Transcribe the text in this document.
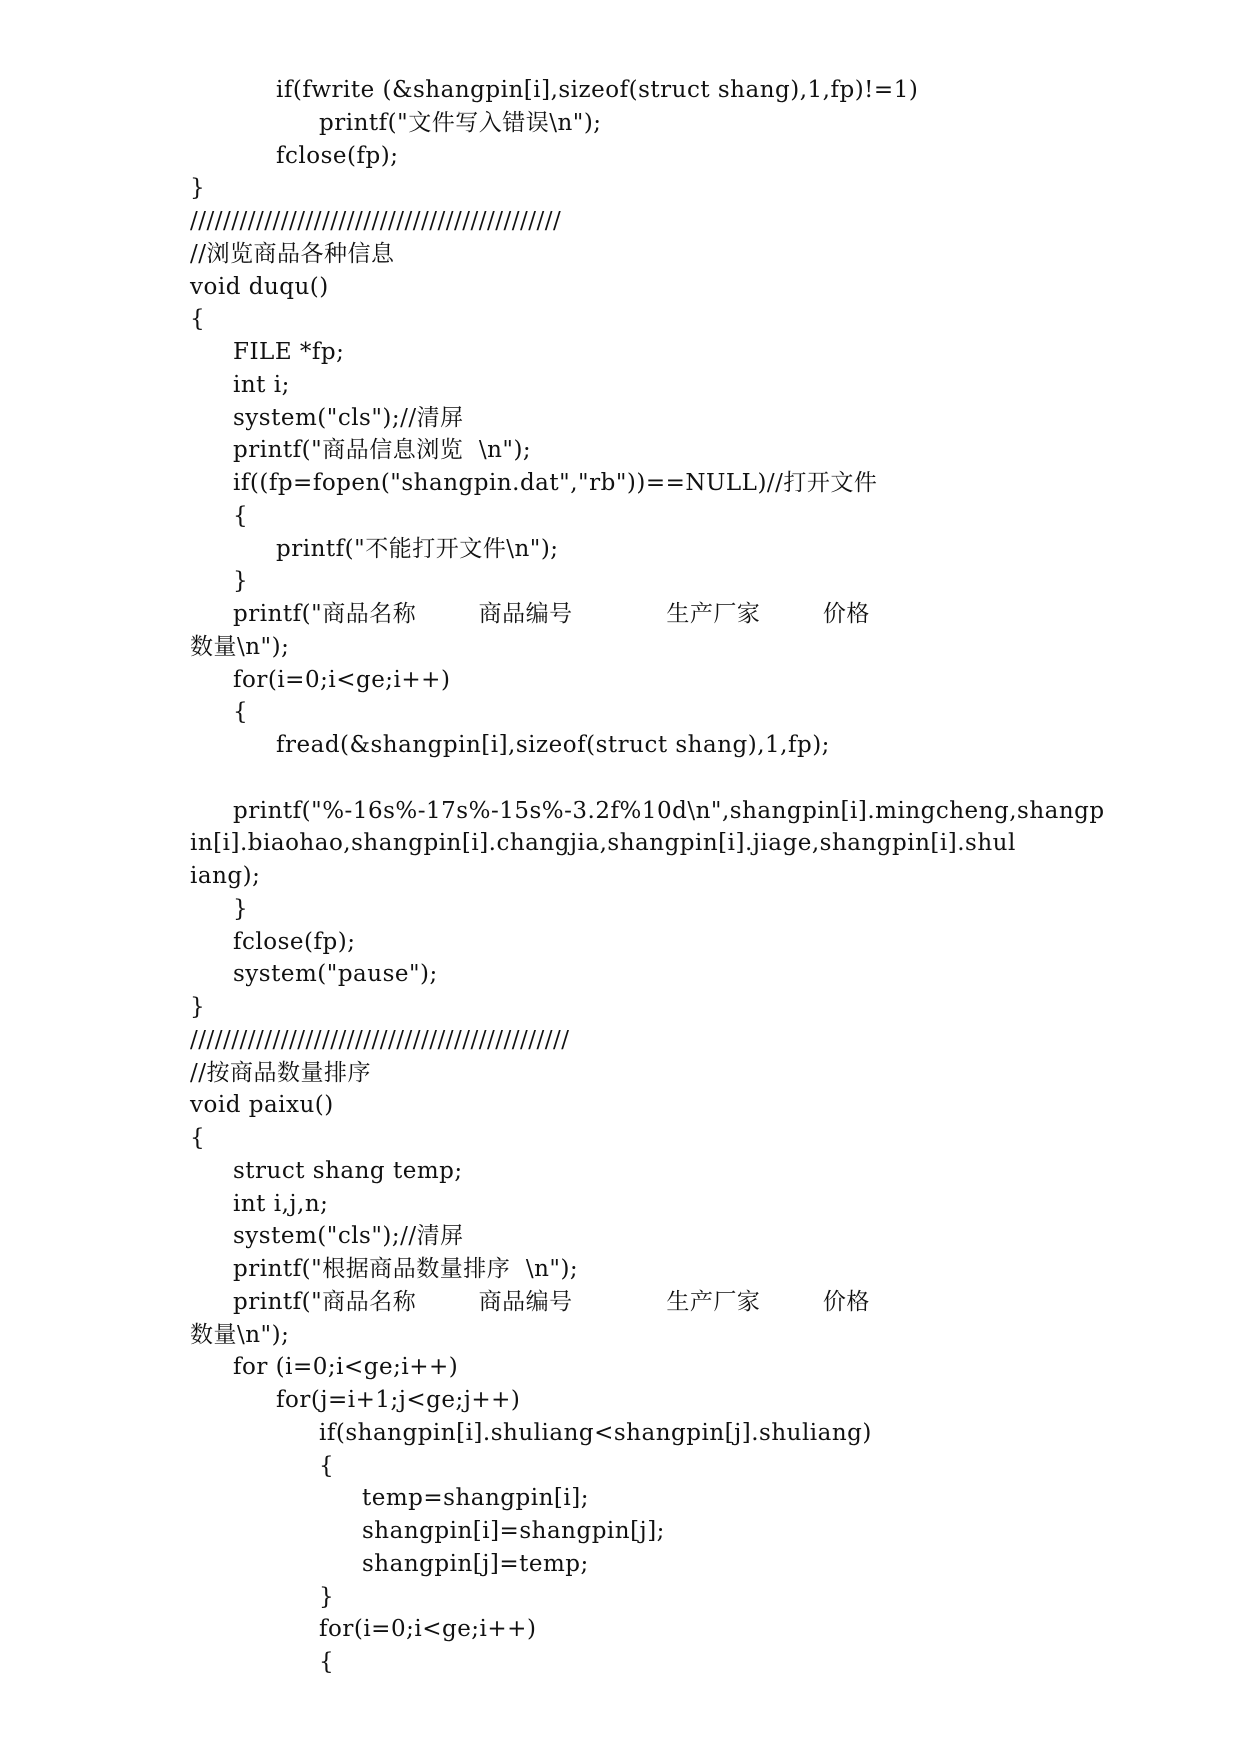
if(fwrite (&shangpin[i],sizeof(struct shang),1,fp)!=1)
printf("文件写入错误\n");
fclose(fp);
}
/////////////////////////////////////////////
//浏览商品各种信息
void duqu()
{
FILE *fp;
int i;
system("cls");//清屏
printf("商品信息浏览  \n");
if((fp=fopen("shangpin.dat","rb"))==NULL)//打开文件
{
printf("不能打开文件\n");
}
printf("商品名称        商品编号            生产厂家        价格
数量\n");
for(i=0;i<ge;i++)
{
fread(&shangpin[i],sizeof(struct shang),1,fp);
printf("%-16s%-17s%-15s%-3.2f%10d\n",shangpin[i].mingcheng,shangp
in[i].biaohao,shangpin[i].changjia,shangpin[i].jiage,shangpin[i].shul
iang);
}
fclose(fp);
system("pause");
}
//////////////////////////////////////////////
//按商品数量排序
void paixu()
{
struct shang temp;
int i,j,n;
system("cls");//清屏
printf("根据商品数量排序  \n");
printf("商品名称        商品编号            生产厂家        价格
数量\n");
for (i=0;i<ge;i++)
for(j=i+1;j<ge;j++)
if(shangpin[i].shuliang<shangpin[j].shuliang)
{
temp=shangpin[i];
shangpin[i]=shangpin[j];
shangpin[j]=temp;
}
for(i=0;i<ge;i++)
{
